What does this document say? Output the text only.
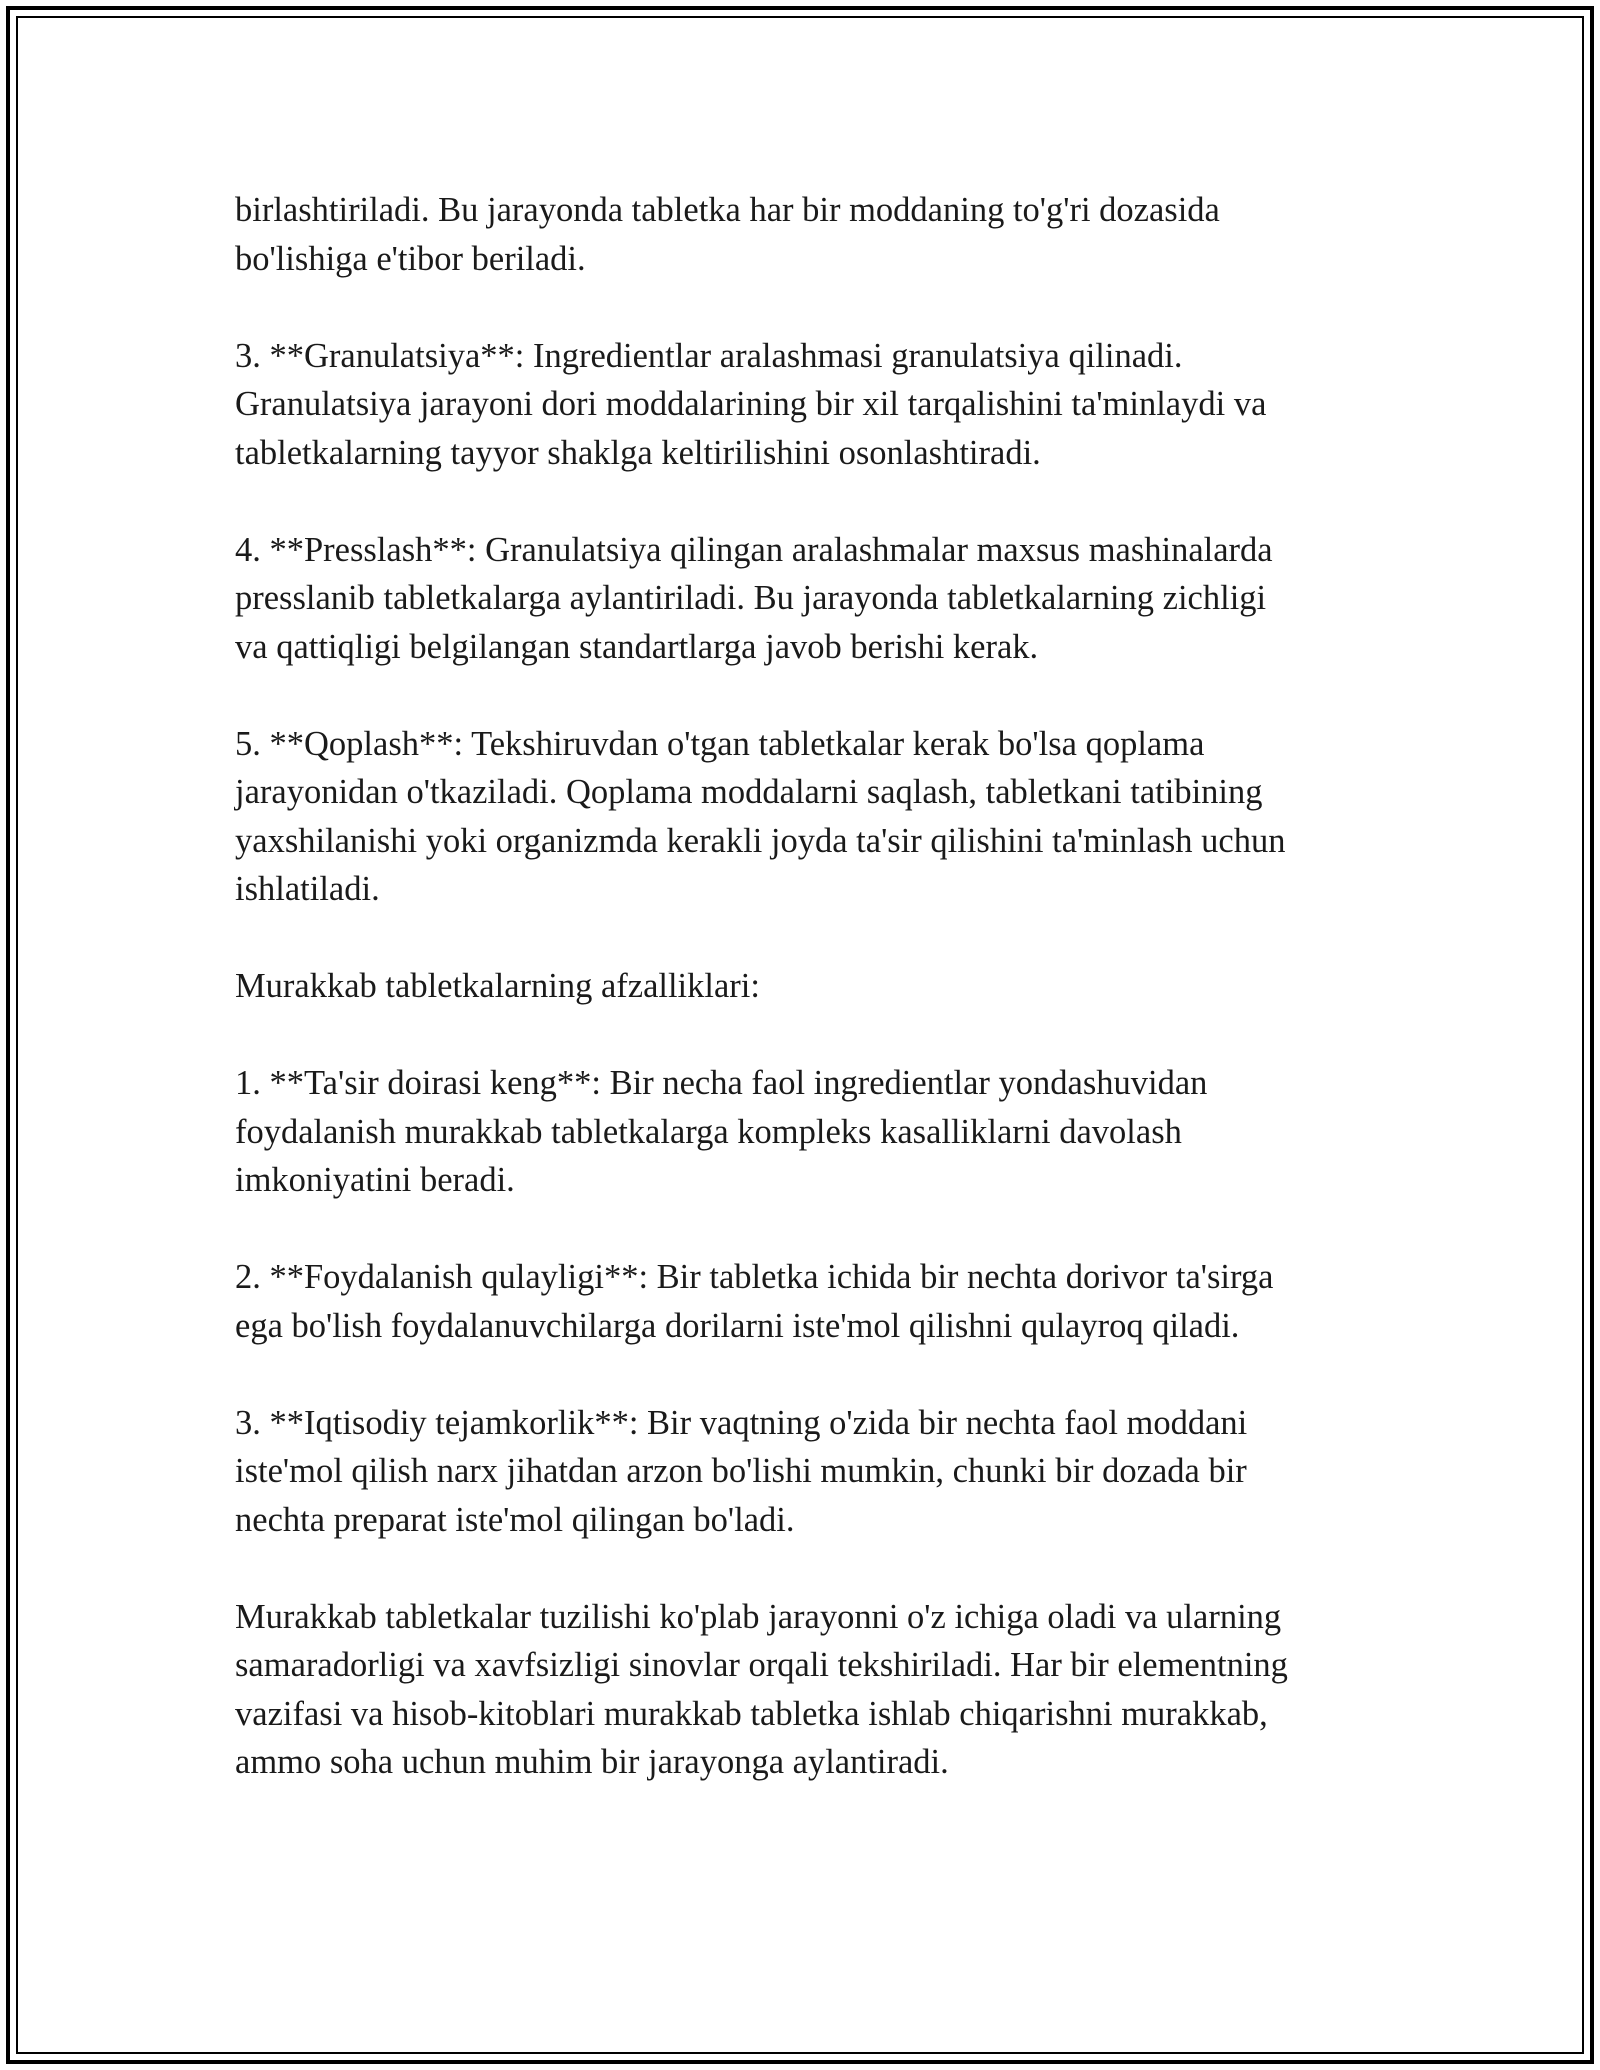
birlashtiriladi. Bu jarayonda tabletka har bir moddaning to'g'ri dozasida
bo'lishiga e'tibor beriladi.

3. **Granulatsiya**: Ingredientlar aralashmasi granulatsiya qilinadi.
Granulatsiya jarayoni dori moddalarining bir xil tarqalishini ta'minlaydi va
tabletkalarning tayyor shaklga keltirilishini osonlashtiradi.

4. **Presslash**: Granulatsiya qilingan aralashmalar maxsus mashinalarda
presslanib tabletkalarga aylantiriladi. Bu jarayonda tabletkalarning zichligi
va qattiqligi belgilangan standartlarga javob berishi kerak.

5. **Qoplash**: Tekshiruvdan o'tgan tabletkalar kerak bo'lsa qoplama
jarayonidan o'tkaziladi. Qoplama moddalarni saqlash, tabletkani tatibining
yaxshilanishi yoki organizmda kerakli joyda ta'sir qilishini ta'minlash uchun
ishlatiladi.

Murakkab tabletkalarning afzalliklari:

1. **Ta'sir doirasi keng**: Bir necha faol ingredientlar yondashuvidan
foydalanish murakkab tabletkalarga kompleks kasalliklarni davolash
imkoniyatini beradi.

2. **Foydalanish qulayligi**: Bir tabletka ichida bir nechta dorivor ta'sirga
ega bo'lish foydalanuvchilarga dorilarni iste'mol qilishni qulayroq qiladi.

3. **Iqtisodiy tejamkorlik**: Bir vaqtning o'zida bir nechta faol moddani
iste'mol qilish narx jihatdan arzon bo'lishi mumkin, chunki bir dozada bir
nechta preparat iste'mol qilingan bo'ladi.

Murakkab tabletkalar tuzilishi ko'plab jarayonni o'z ichiga oladi va ularning
samaradorligi va xavfsizligi sinovlar orqali tekshiriladi. Har bir elementning
vazifasi va hisob-kitoblari murakkab tabletka ishlab chiqarishni murakkab,
ammo soha uchun muhim bir jarayonga aylantiradi.
